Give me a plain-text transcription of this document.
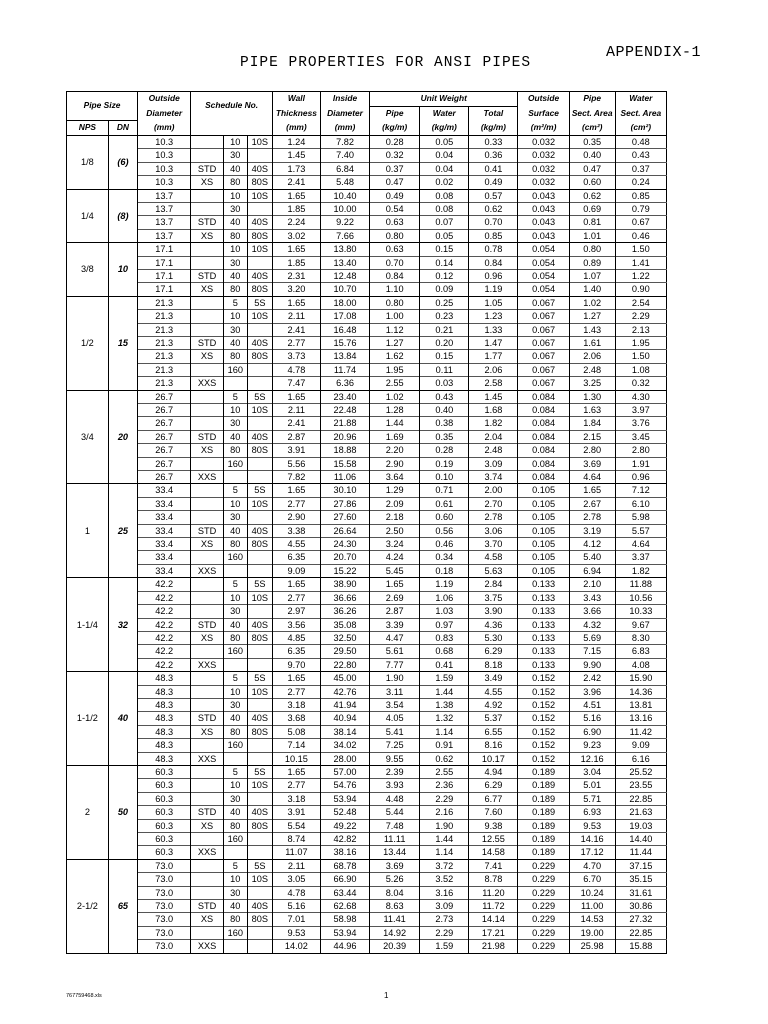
APPENDIX-1
PIPE PROPERTIES FOR ANSI PIPES
Pipe Size		Outside	Schedule No.			Wall	Inside	Unit Weight			Outside	Pipe	Water
		Diameter				Thickness	Diameter	Pipe	Water	Total	Surface	Sect. Area	Sect. Area
NPS	DN	(mm)				(mm)	(mm)	(kg/m)	(kg/m)	(kg/m)	(m²/m)	(cm²)	(cm²)
1/8	(6)	10.3		10	10S	1.24	7.82	0.28	0.05	0.33	0.032	0.35	0.48
		10.3		30		1.45	7.40	0.32	0.04	0.36	0.032	0.40	0.43
		10.3	STD	40	40S	1.73	6.84	0.37	0.04	0.41	0.032	0.47	0.37
		10.3	XS	80	80S	2.41	5.48	0.47	0.02	0.49	0.032	0.60	0.24
1/4	(8)	13.7		10	10S	1.65	10.40	0.49	0.08	0.57	0.043	0.62	0.85
		13.7		30		1.85	10.00	0.54	0.08	0.62	0.043	0.69	0.79
		13.7	STD	40	40S	2.24	9.22	0.63	0.07	0.70	0.043	0.81	0.67
		13.7	XS	80	80S	3.02	7.66	0.80	0.05	0.85	0.043	1.01	0.46
3/8	10	17.1		10	10S	1.65	13.80	0.63	0.15	0.78	0.054	0.80	1.50
		17.1		30		1.85	13.40	0.70	0.14	0.84	0.054	0.89	1.41
		17.1	STD	40	40S	2.31	12.48	0.84	0.12	0.96	0.054	1.07	1.22
		17.1	XS	80	80S	3.20	10.70	1.10	0.09	1.19	0.054	1.40	0.90
1/2	15	21.3		5	5S	1.65	18.00	0.80	0.25	1.05	0.067	1.02	2.54
		21.3		10	10S	2.11	17.08	1.00	0.23	1.23	0.067	1.27	2.29
		21.3		30		2.41	16.48	1.12	0.21	1.33	0.067	1.43	2.13
		21.3	STD	40	40S	2.77	15.76	1.27	0.20	1.47	0.067	1.61	1.95
		21.3	XS	80	80S	3.73	13.84	1.62	0.15	1.77	0.067	2.06	1.50
		21.3		160		4.78	11.74	1.95	0.11	2.06	0.067	2.48	1.08
		21.3	XXS			7.47	6.36	2.55	0.03	2.58	0.067	3.25	0.32
3/4	20	26.7		5	5S	1.65	23.40	1.02	0.43	1.45	0.084	1.30	4.30
		26.7		10	10S	2.11	22.48	1.28	0.40	1.68	0.084	1.63	3.97
		26.7		30		2.41	21.88	1.44	0.38	1.82	0.084	1.84	3.76
		26.7	STD	40	40S	2.87	20.96	1.69	0.35	2.04	0.084	2.15	3.45
		26.7	XS	80	80S	3.91	18.88	2.20	0.28	2.48	0.084	2.80	2.80
		26.7		160		5.56	15.58	2.90	0.19	3.09	0.084	3.69	1.91
		26.7	XXS			7.82	11.06	3.64	0.10	3.74	0.084	4.64	0.96
1	25	33.4		5	5S	1.65	30.10	1.29	0.71	2.00	0.105	1.65	7.12
		33.4		10	10S	2.77	27.86	2.09	0.61	2.70	0.105	2.67	6.10
		33.4		30		2.90	27.60	2.18	0.60	2.78	0.105	2.78	5.98
		33.4	STD	40	40S	3.38	26.64	2.50	0.56	3.06	0.105	3.19	5.57
		33.4	XS	80	80S	4.55	24.30	3.24	0.46	3.70	0.105	4.12	4.64
		33.4		160		6.35	20.70	4.24	0.34	4.58	0.105	5.40	3.37
		33.4	XXS			9.09	15.22	5.45	0.18	5.63	0.105	6.94	1.82
1-1/4	32	42.2		5	5S	1.65	38.90	1.65	1.19	2.84	0.133	2.10	11.88
		42.2		10	10S	2.77	36.66	2.69	1.06	3.75	0.133	3.43	10.56
		42.2		30		2.97	36.26	2.87	1.03	3.90	0.133	3.66	10.33
		42.2	STD	40	40S	3.56	35.08	3.39	0.97	4.36	0.133	4.32	9.67
		42.2	XS	80	80S	4.85	32.50	4.47	0.83	5.30	0.133	5.69	8.30
		42.2		160		6.35	29.50	5.61	0.68	6.29	0.133	7.15	6.83
		42.2	XXS			9.70	22.80	7.77	0.41	8.18	0.133	9.90	4.08
1-1/2	40	48.3		5	5S	1.65	45.00	1.90	1.59	3.49	0.152	2.42	15.90
		48.3		10	10S	2.77	42.76	3.11	1.44	4.55	0.152	3.96	14.36
		48.3		30		3.18	41.94	3.54	1.38	4.92	0.152	4.51	13.81
		48.3	STD	40	40S	3.68	40.94	4.05	1.32	5.37	0.152	5.16	13.16
		48.3	XS	80	80S	5.08	38.14	5.41	1.14	6.55	0.152	6.90	11.42
		48.3		160		7.14	34.02	7.25	0.91	8.16	0.152	9.23	9.09
		48.3	XXS			10.15	28.00	9.55	0.62	10.17	0.152	12.16	6.16
2	50	60.3		5	5S	1.65	57.00	2.39	2.55	4.94	0.189	3.04	25.52
		60.3		10	10S	2.77	54.76	3.93	2.36	6.29	0.189	5.01	23.55
		60.3		30		3.18	53.94	4.48	2.29	6.77	0.189	5.71	22.85
		60.3	STD	40	40S	3.91	52.48	5.44	2.16	7.60	0.189	6.93	21.63
		60.3	XS	80	80S	5.54	49.22	7.48	1.90	9.38	0.189	9.53	19.03
		60.3		160		8.74	42.82	11.11	1.44	12.55	0.189	14.16	14.40
		60.3	XXS			11.07	38.16	13.44	1.14	14.58	0.189	17.12	11.44
2-1/2	65	73.0		5	5S	2.11	68.78	3.69	3.72	7.41	0.229	4.70	37.15
		73.0		10	10S	3.05	66.90	5.26	3.52	8.78	0.229	6.70	35.15
		73.0		30		4.78	63.44	8.04	3.16	11.20	0.229	10.24	31.61
		73.0	STD	40	40S	5.16	62.68	8.63	3.09	11.72	0.229	11.00	30.86
		73.0	XS	80	80S	7.01	58.98	11.41	2.73	14.14	0.229	14.53	27.32
		73.0		160		9.53	53.94	14.92	2.29	17.21	0.229	19.00	22.85
		73.0	XXS			14.02	44.96	20.39	1.59	21.98	0.229	25.98	15.88
767759468.xls	1
